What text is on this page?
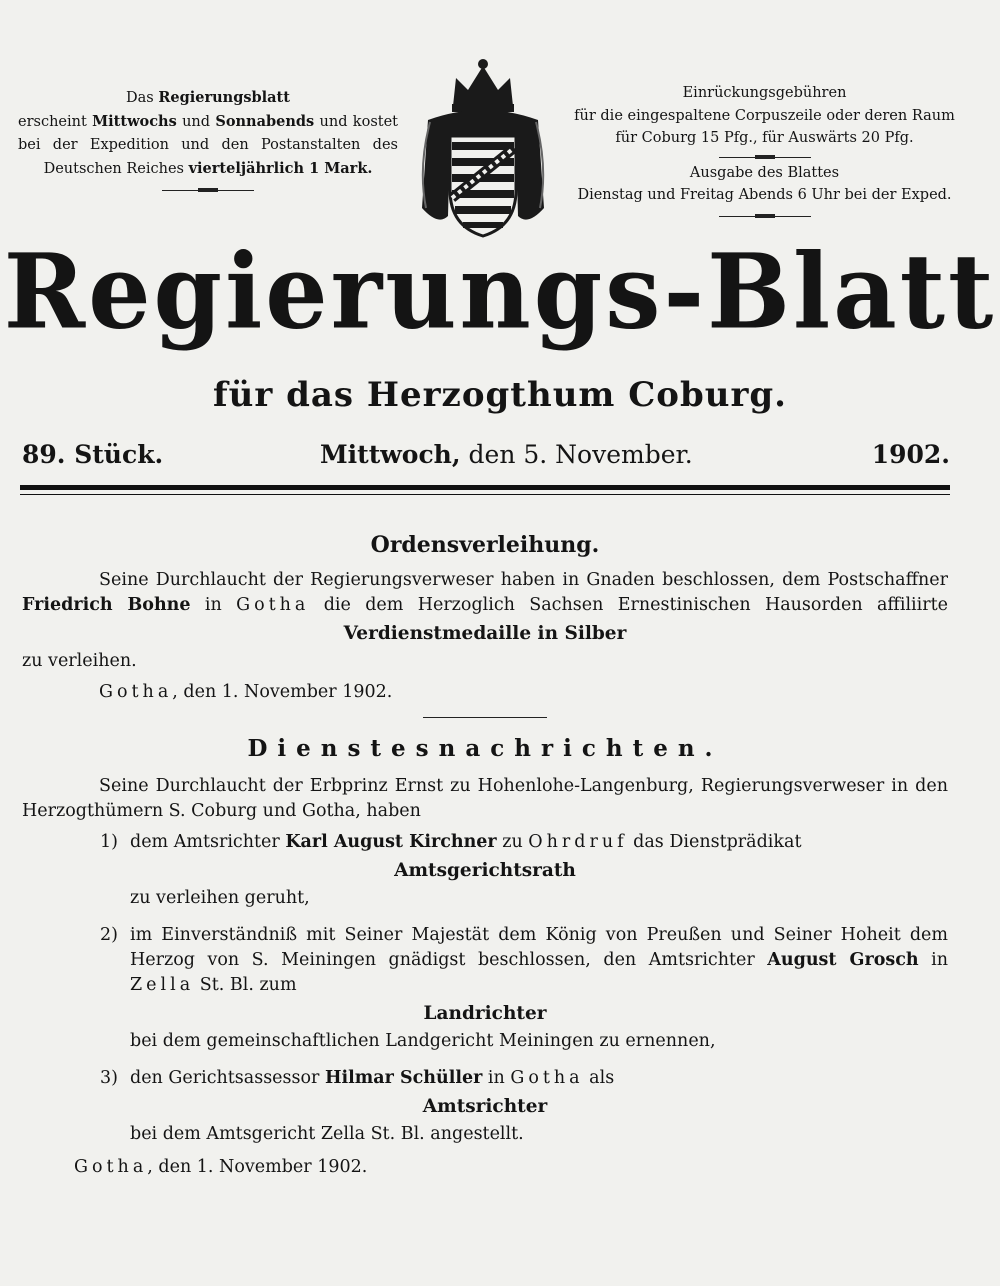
Das Regierungsblatt
erscheint Mittwochs und Sonnabends und kostet
bei der Expedition und den Postanstalten des
Deutschen Reiches vierteljährlich 1 Mark.
Einrückungsgebühren
für die eingespaltene Corpuszeile oder deren Raum
für Coburg 15 Pfg., für Auswärts 20 Pfg.
Ausgabe des Blattes
Dienstag und Freitag Abends 6 Uhr bei der Exped.
Regierungs-Blatt
für das Herzogthum Coburg.
89. Stück.	Mittwoch, den 5. November.	1902.
Ordensverleihung.
Seine Durchlaucht der Regierungsverweser haben in Gnaden beschlossen, dem Postschaffner
Friedrich Bohne in Gotha die dem Herzoglich Sachsen Ernestinischen Hausorden affiliirte
Verdienstmedaille in Silber
zu verleihen.
Gotha, den 1. November 1902.
Dienstesnachrichten.
Seine Durchlaucht der Erbprinz Ernst zu Hohenlohe-Langenburg, Regierungsverweser in den
Herzogthümern S. Coburg und Gotha, haben
1) dem Amtsrichter Karl August Kirchner zu Ohrdruf das Dienstprädikat
Amtsgerichtsrath
zu verleihen geruht,
2) im Einverständniß mit Seiner Majestät dem König von Preußen und Seiner Hoheit dem
Herzog von S. Meiningen gnädigst beschlossen, den Amtsrichter August Grosch in
Zella St. Bl. zum
Landrichter
bei dem gemeinschaftlichen Landgericht Meiningen zu ernennen,
3) den Gerichtsassessor Hilmar Schüller in Gotha als
Amtsrichter
bei dem Amtsgericht Zella St. Bl. angestellt.
Gotha, den 1. November 1902.
